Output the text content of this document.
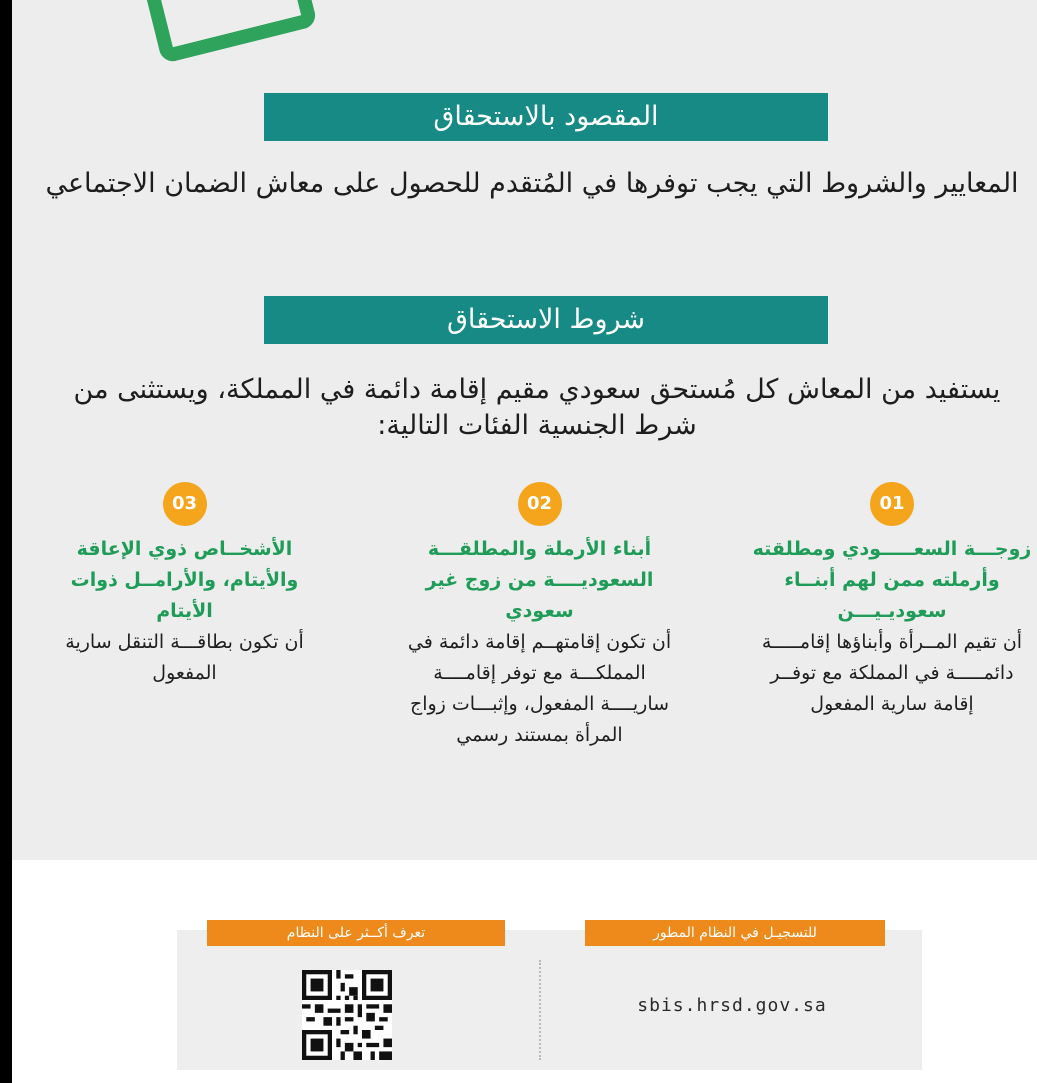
المقصود بالاستحقاق
المعايير والشروط التي يجب توفرها في المُتقدم للحصول على معاش الضمان الاجتماعي
شروط الاستحقاق
يستفيد من المعاش كل مُستحق سعودي مقيم إقامة دائمة في المملكة، ويستثنى من شرط الجنسية الفئات التالية:
01
زوجـــة السعـــــودي ومطلقته وأرملته ممن لهم أبنــاء سعوديـيـــن
أن تقيم المــرأة وأبناؤها إقامـــــة دائمـــــة في المملكة مع توفــر إقامة سارية المفعول
02
أبناء الأرملة والمطلقـــة السعوديــــة من زوج غير سعودي
أن تكون إقامتهــم إقامة دائمة في المملكـــة مع توفر إقامــــة ساريــــة المفعول، وإثبـــات زواج المرأة بمستند رسمي
03
الأشخــاص ذوي الإعاقة والأيتام، والأرامــل ذوات الأيتام
أن تكون بطاقـــة التنقل سارية المفعول
تعرف أكــثر على النظام	للتسجيـل في النظام المطور
sbis.hrsd.gov.sa
